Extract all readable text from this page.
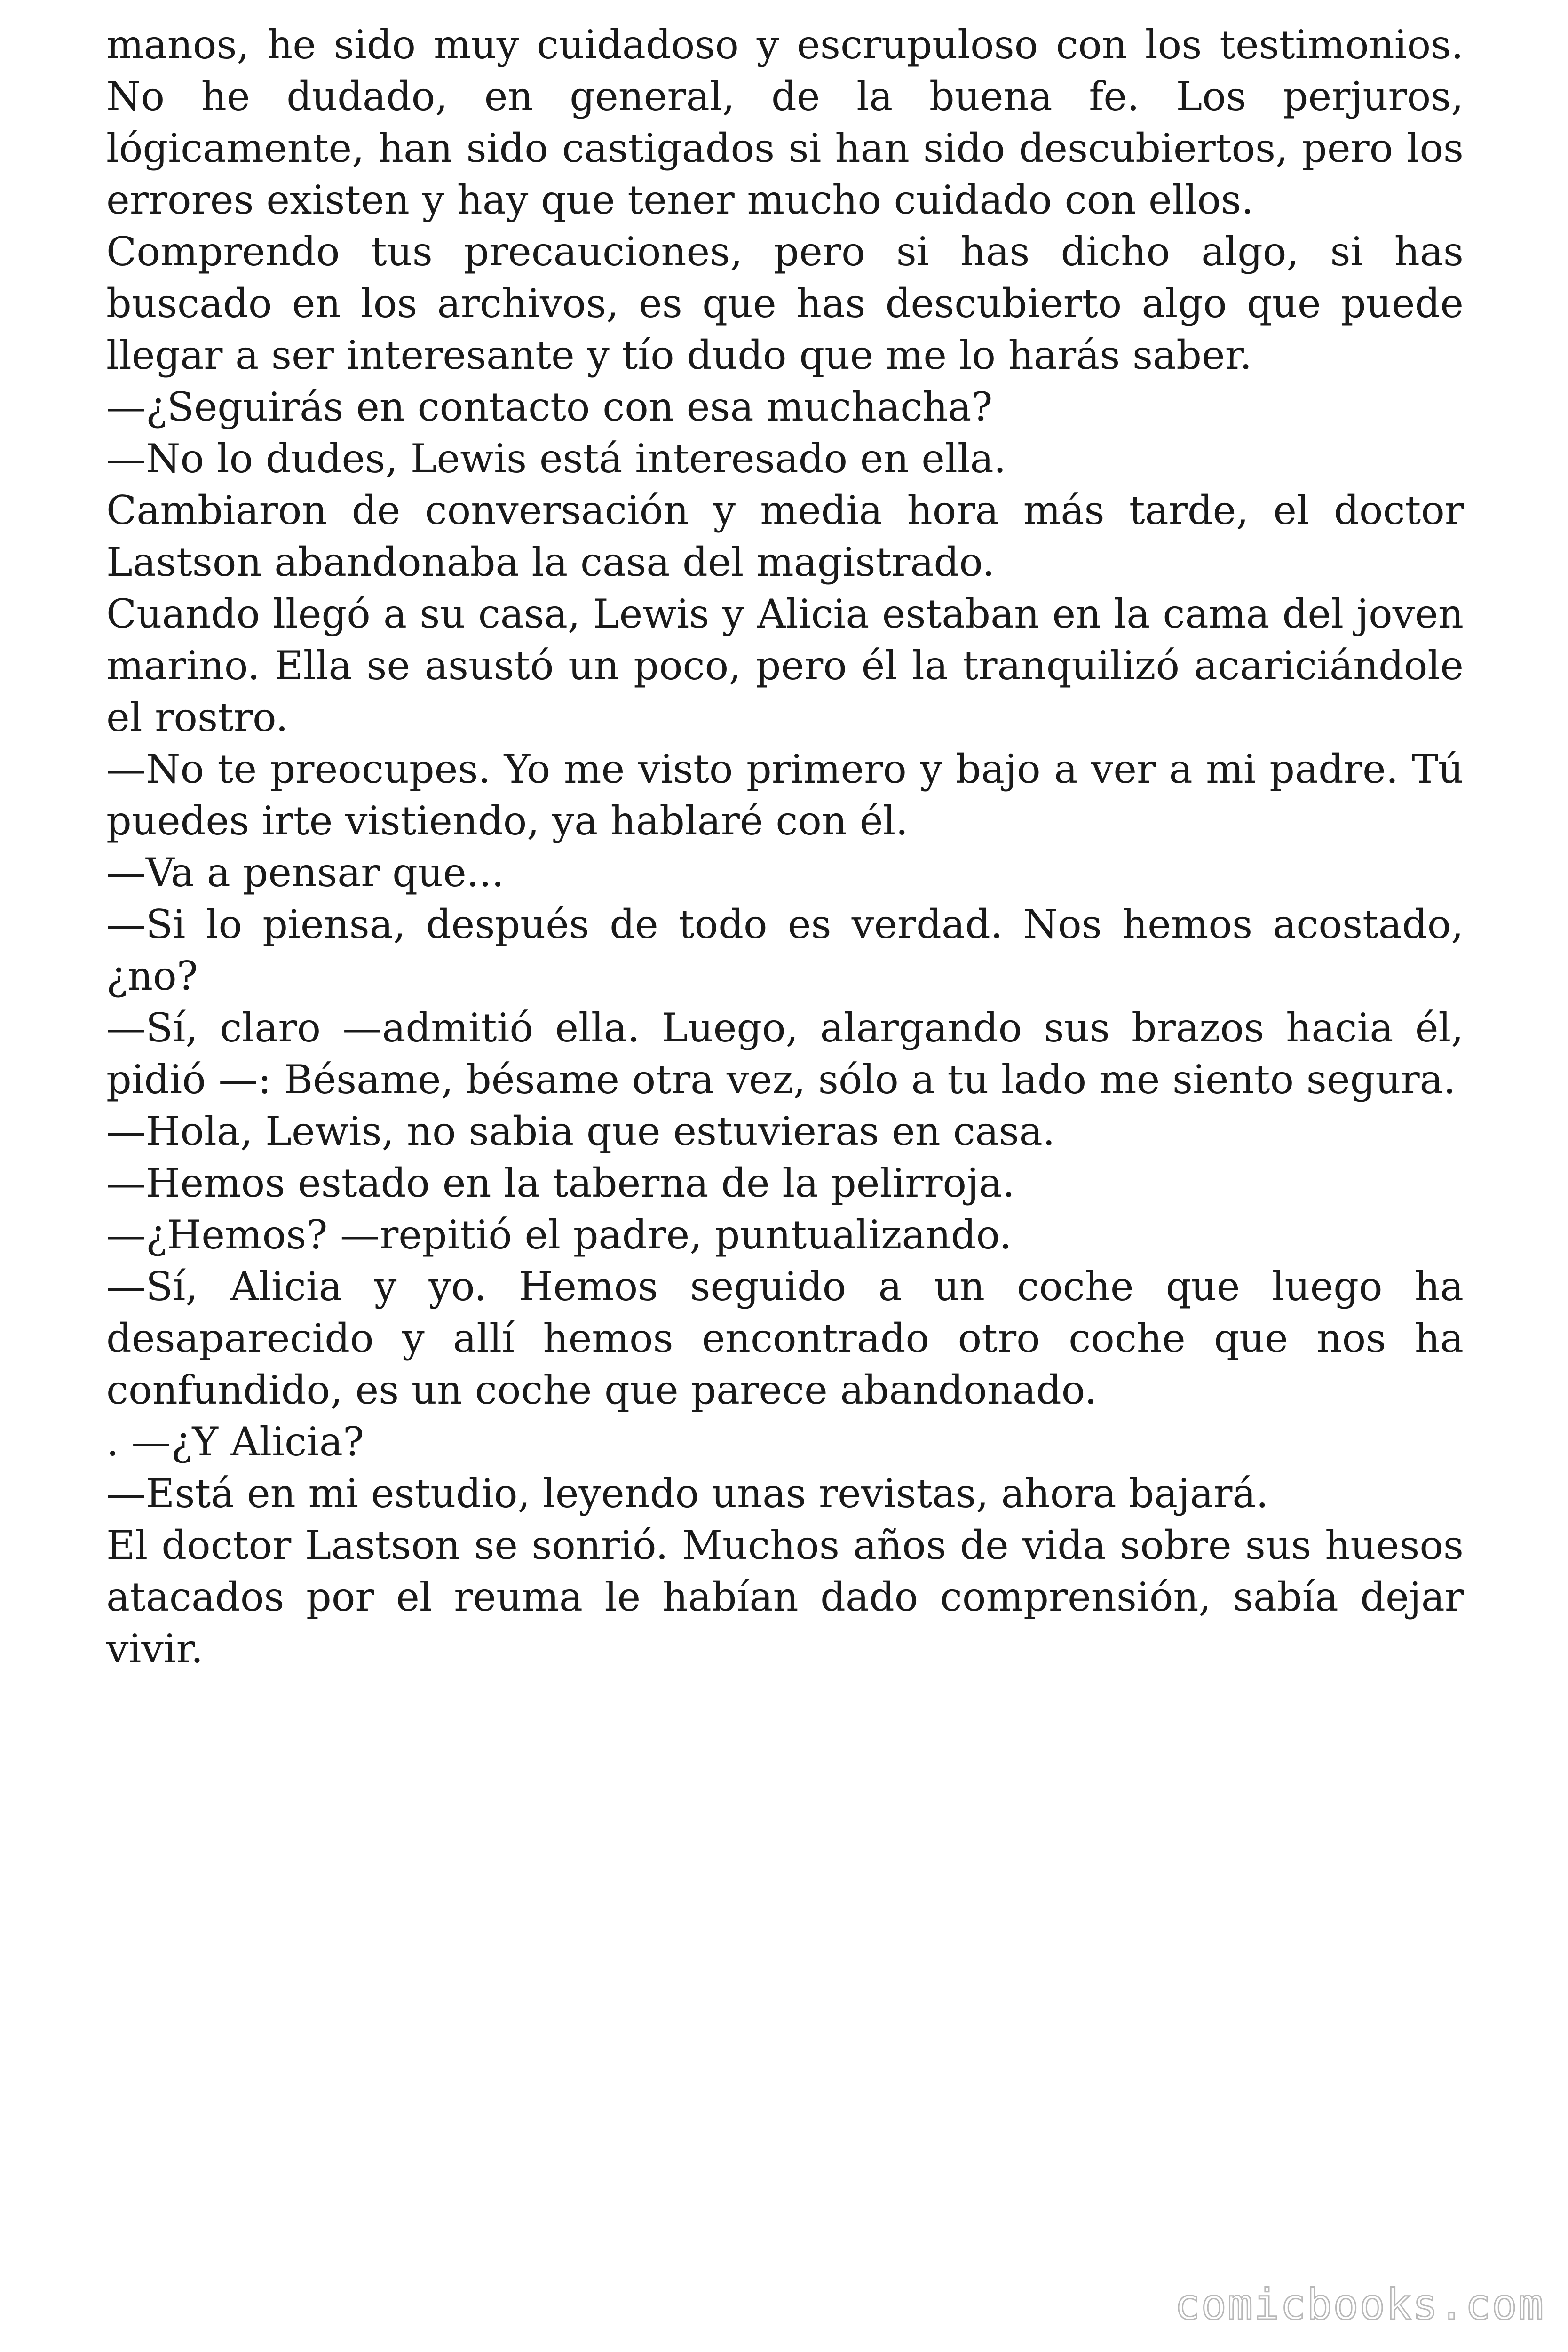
manos, he sido muy cuidadoso y escrupuloso con los testimonios. No he dudado, en general, de la buena fe. Los perjuros, lógicamente, han sido castigados si han sido descubiertos, pero los errores existen y hay que tener mucho cuidado con ellos.

Comprendo tus precauciones, pero si has dicho algo, si has buscado en los archivos, es que has descubierto algo que puede llegar a ser interesante y tío dudo que me lo harás saber.

—¿Seguirás en contacto con esa muchacha?

—No lo dudes, Lewis está interesado en ella.

Cambiaron de conversación y media hora más tarde, el doctor Lastson abandonaba la casa del magistrado.

Cuando llegó a su casa, Lewis y Alicia estaban en la cama del joven marino. Ella se asustó un poco, pero él la tranquilizó acariciándole el rostro.

—No te preocupes. Yo me visto primero y bajo a ver a mi padre. Tú puedes irte vistiendo, ya hablaré con él.

—Va a pensar que...

—Si lo piensa, después de todo es verdad. Nos hemos acostado, ¿no?

—Sí, claro —admitió ella. Luego, alargando sus brazos hacia él, pidió —: Bésame, bésame otra vez, sólo a tu lado me siento segura.

—Hola, Lewis, no sabia que estuvieras en casa.

—Hemos estado en la taberna de la pelirroja.

—¿Hemos? —repitió el padre, puntualizando.

—Sí, Alicia y yo. Hemos seguido a un coche que luego ha desaparecido y allí hemos encontrado otro coche que nos ha confundido, es un coche que parece abandonado.

. —¿Y Alicia?

—Está en mi estudio, leyendo unas revistas, ahora bajará.

El doctor Lastson se sonrió. Muchos años de vida sobre sus huesos atacados por el reuma le habían dado comprensión, sabía dejar vivir.

comicbooks.com
